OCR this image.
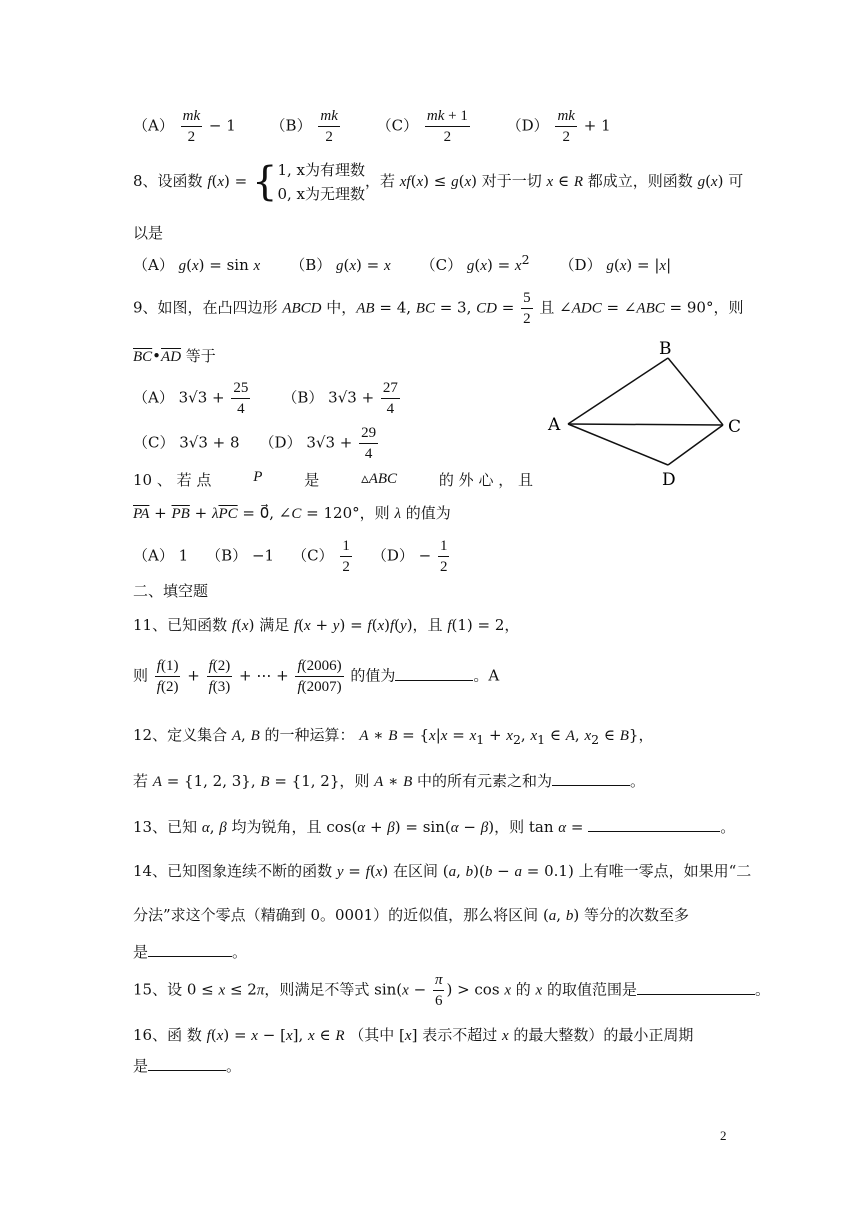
$(A) \frac{mk}{2} - 1$ $(B) \frac{mk}{2} (C) \frac{mk + 1}{2} (D) \frac{mk}{2} + 1$
8、设函数 f(x) = {1, x为有理数
0, x为无理数，若 xf(x) ≤ g(x) 对于一切 x ∈ R 都成立，则函数 g(x) 可
以是
（A） g(x) = sin x （B） g(x) = x （C） $g(x) = x^2$ （D） g(x) = |x|
9、如图，在凸四边形 ABCD 中，AB = 4, BC = 3, CD = $\frac{5}{2}$ 且 ∠ADC = ∠ABC = 90°，则
$\overline{BC}•\overline{AD}$ 等于
（A） $3√3 + \frac{25}{4} (B) 3√3 + \frac{27}{4}$
（C） 3√3 + 8 （D） $3√3 + \frac{29}{4}$	A
B
C
D
10 、 若 点	P	是	▵ABC	的 外 心 ， 且
$\overline{PA} + \overline{PB} + \lambda\overline{PC}$ = 0⃗, ∠C = 120°，则 λ 的值为
（A） 1 （B） −1 $(C) \frac{1}{2} (D) - \frac{1}{2}$
二、填空题
11、已知函数 f(x) 满足 f(x + y) = f(x)f(y)，且 f(1) = 2，
则 $\frac{f(1)}{f(2)} + \frac{f(2)}{f(3)}$ + ⋯ + $\frac{f(2006)}{f(2007)}$ 的值为	。A
12、定义集合 A, B 的一种运算： A ∗ $B = \{x|x = x_1 + x_2$, $x_1$ ∈ A, $x_2$ ∈ B}，
若 A = {1, 2, 3}, B = {1, 2}，则 A ∗ B 中的所有元素之和为	。
13、已知 α, β 均为锐角，且 cos(α + β) = sin(α − β)，则 tan α =	。
14、已知图象连续不断的函数 y = f(x) 在区间 (a, b)(b − a = 0.1) 上有唯一零点，如果用“二
分法”求这个零点（精确到 0。0001）的近似值，那么将区间 (a, b) 等分的次数至多
是	。
15、设 0 ≤ x ≤ 2π，则满足不等式 $\sin(x - \frac{\pi}{6}$ ) > cos x 的 x 的取值范围是	。
16、函 数 f(x) = x − [x], x ∈ R （其中 [x] 表示不超过 x 的最大整数）的最小正周期
是	。
2
